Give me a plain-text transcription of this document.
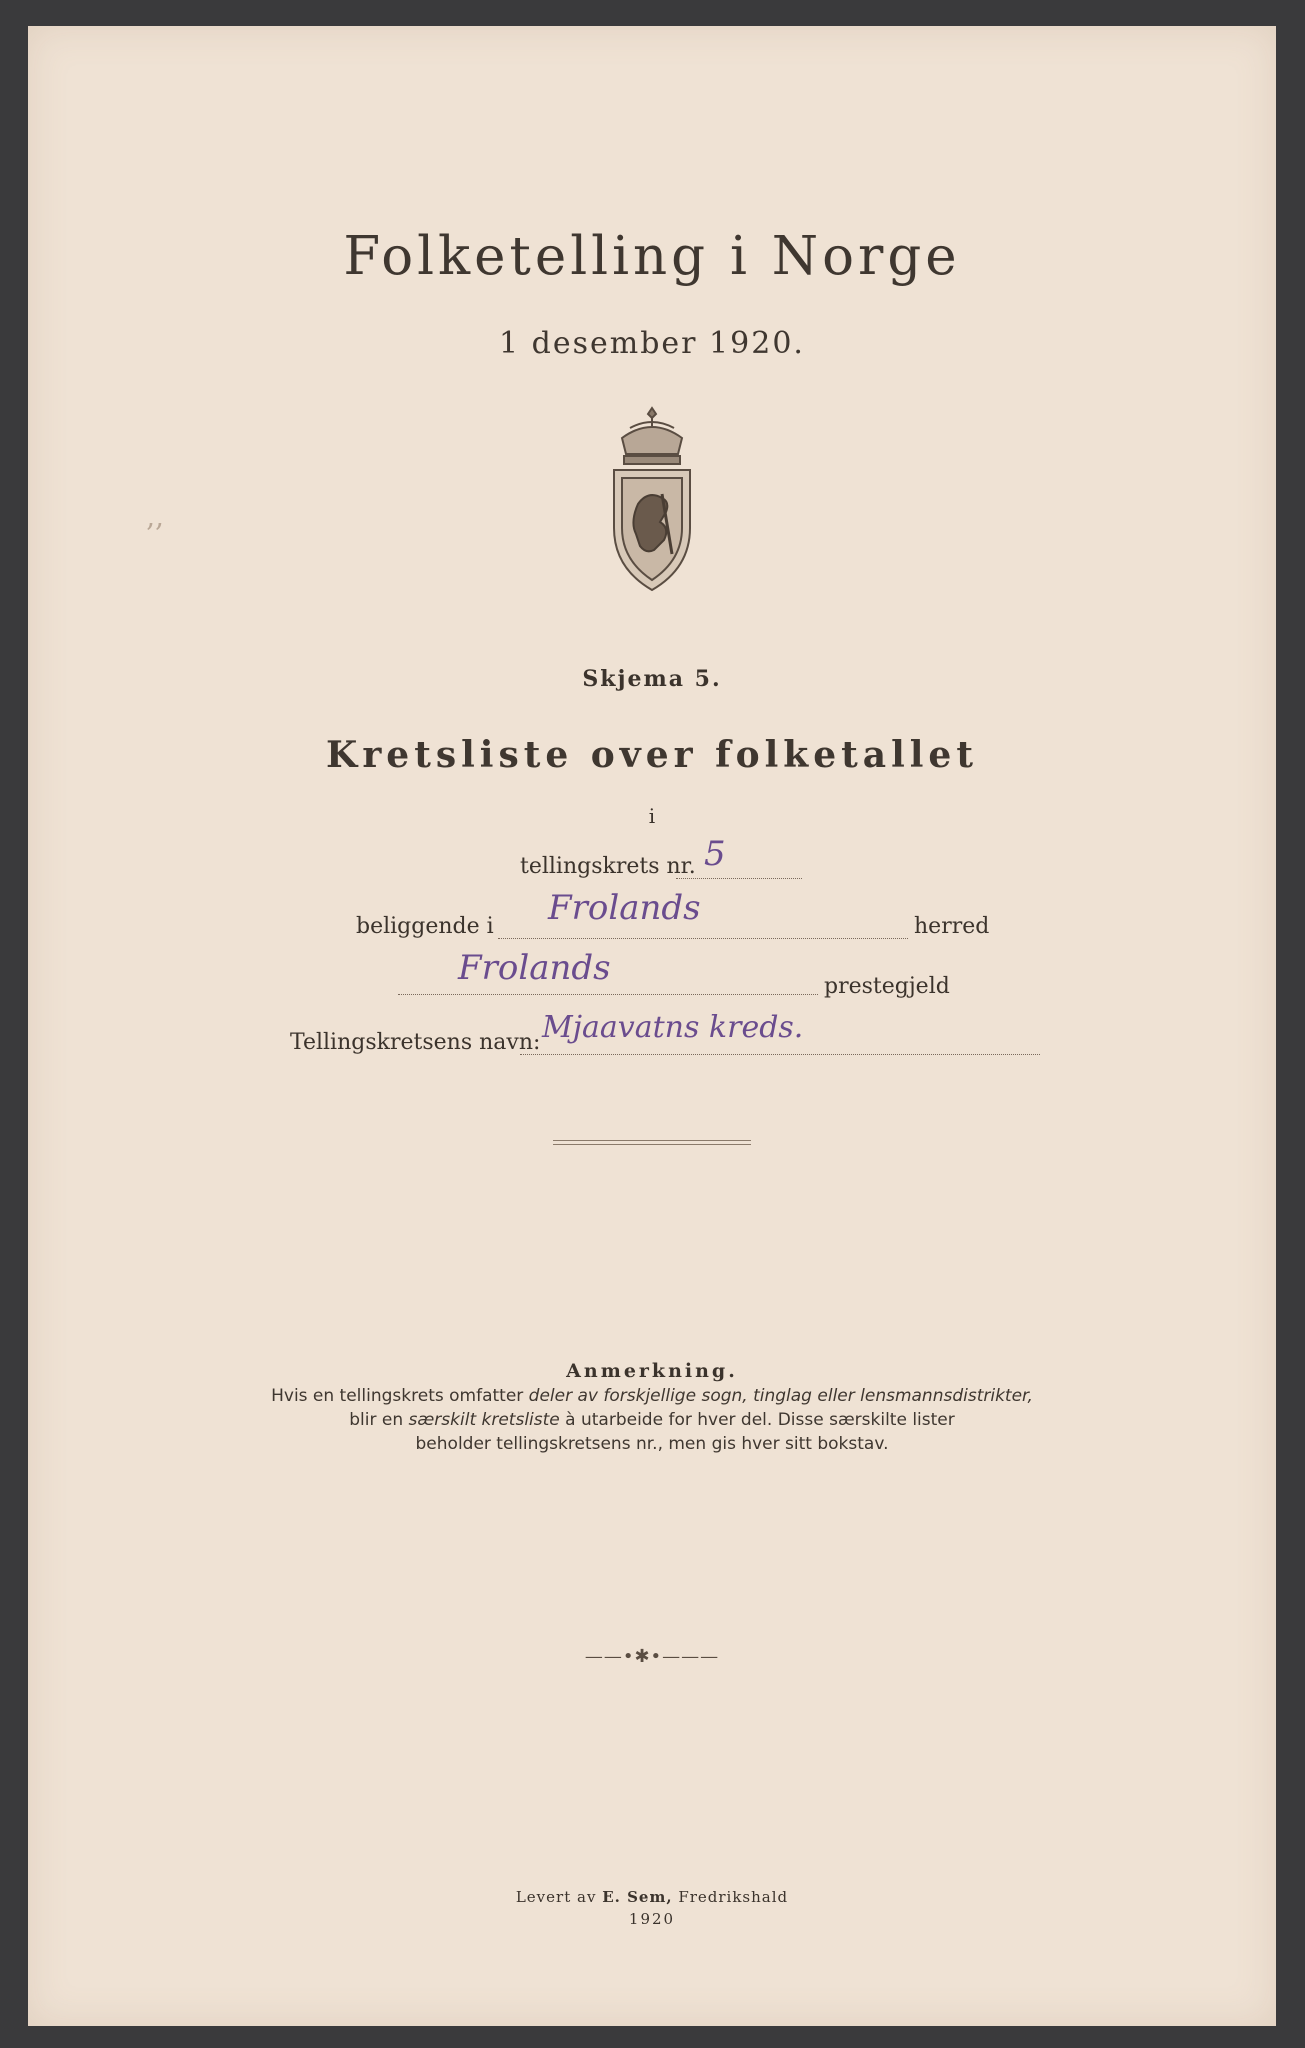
‚‚
Folketelling i Norge
1 desember 1920.
Skjema 5.
Kretsliste over folketallet
i
tellingskrets nr. 5
beliggende i Frolands	herred
Frolands	prestegjeld
Tellingskretsens navn: Mjaavatns kreds.
Anmerkning.
Hvis en tellingskrets omfatter deler av forskjellige sogn, tinglag eller lensmannsdistrikter,
blir en særskilt kretsliste à utarbeide for hver del. Disse særskilte lister
beholder tellingskretsens nr., men gis hver sitt bokstav.
——•✱•———
Levert av E. Sem, Fredrikshald
1920
